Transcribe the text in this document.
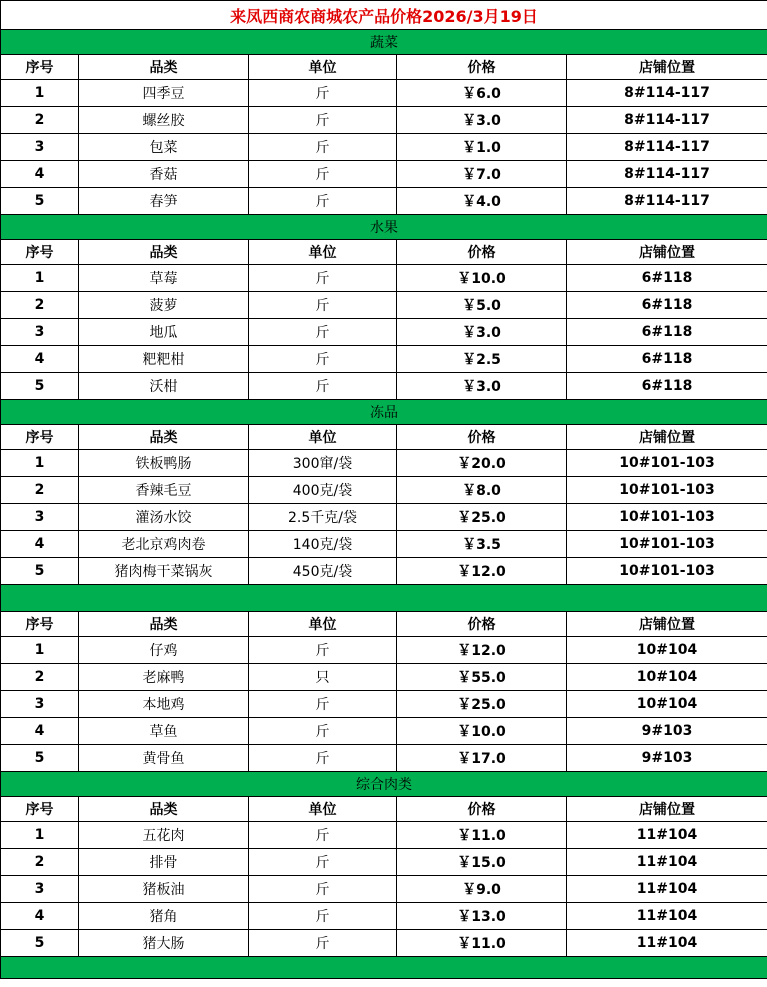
来凤西商农商城农产品价格2026/3月19日				
蔬菜				
序号	品类	单位	价格	店铺位置
1	四季豆	斤	￥6.0	8#114-117
2	螺丝胶	斤	￥3.0	8#114-117
3	包菜	斤	￥1.0	8#114-117
4	香菇	斤	￥7.0	8#114-117
5	春笋	斤	￥4.0	8#114-117
水果				
序号	品类	单位	价格	店铺位置
1	草莓	斤	￥10.0	6#118
2	菠萝	斤	￥5.0	6#118
3	地瓜	斤	￥3.0	6#118
4	粑粑柑	斤	￥2.5	6#118
5	沃柑	斤	￥3.0	6#118
冻品				
序号	品类	单位	价格	店铺位置
1	铁板鸭肠	300窜/袋	￥20.0	10#101-103
2	香辣毛豆	400克/袋	￥8.0	10#101-103
3	灌汤水饺	2.5千克/袋	￥25.0	10#101-103
4	老北京鸡肉卷	140克/袋	￥3.5	10#101-103
5	猪肉梅干菜锅灰	450克/袋	￥12.0	10#101-103

序号	品类	单位	价格	店铺位置
1	仔鸡	斤	￥12.0	10#104
2	老麻鸭	只	￥55.0	10#104
3	本地鸡	斤	￥25.0	10#104
4	草鱼	斤	￥10.0	9#103
5	黄骨鱼	斤	￥17.0	9#103
综合肉类				
序号	品类	单位	价格	店铺位置
1	五花肉	斤	￥11.0	11#104
2	排骨	斤	￥15.0	11#104
3	猪板油	斤	￥9.0	11#104
4	猪角	斤	￥13.0	11#104
5	猪大肠	斤	￥11.0	11#104
